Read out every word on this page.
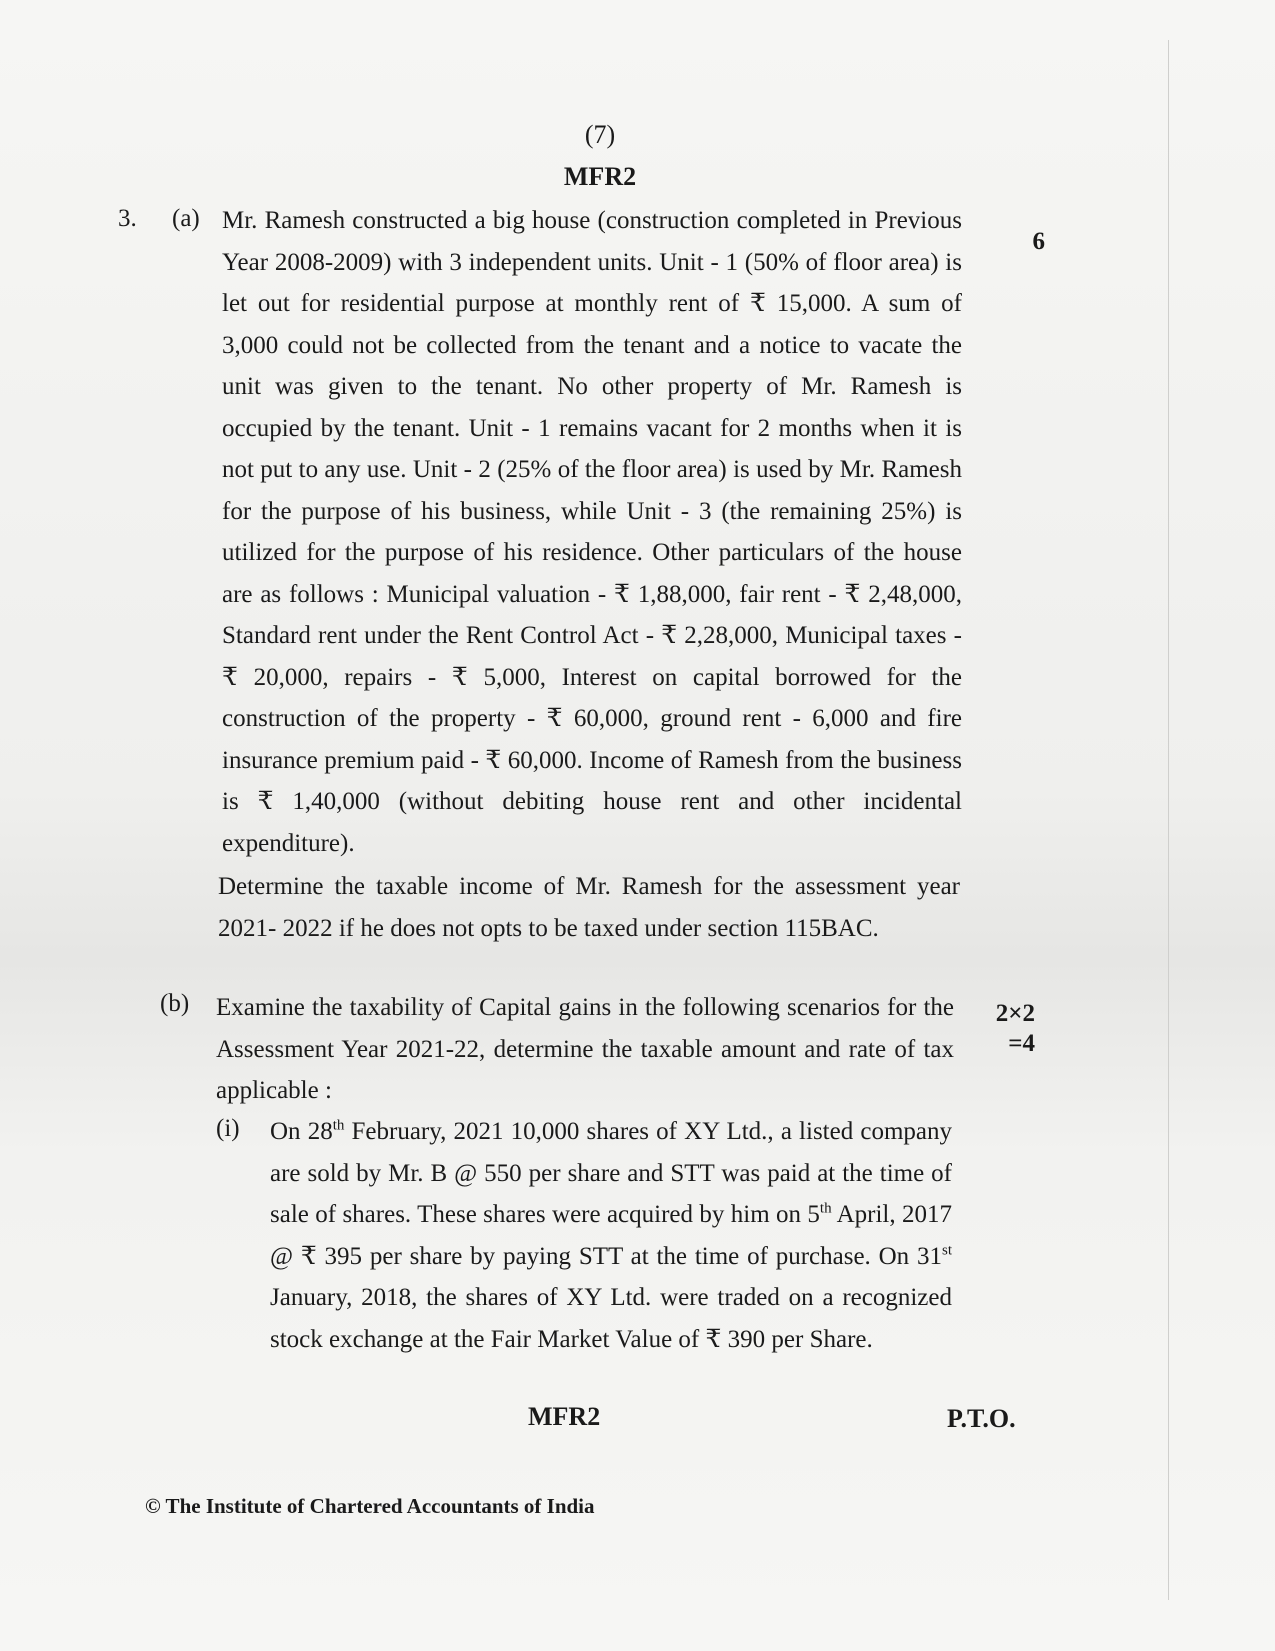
(7)
MFR2
3. (a)
6

Mr. Ramesh constructed a big house (construction completed in Previous Year 2008-2009) with 3 independent units. Unit - 1 (50% of floor area) is let out for residential purpose at monthly rent of ₹ 15,000. A sum of 3,000 could not be collected from the tenant and a notice to vacate the unit was given to the tenant. No other property of Mr. Ramesh is occupied by the tenant. Unit - 1 remains vacant for 2 months when it is not put to any use. Unit - 2 (25% of the floor area) is used by Mr. Ramesh for the purpose of his business, while Unit - 3 (the remaining 25%) is utilized for the purpose of his residence. Other particulars of the house are as follows : Municipal valuation - ₹ 1,88,000, fair rent - ₹ 2,48,000, Standard rent under the Rent Control Act - ₹ 2,28,000, Municipal taxes - ₹ 20,000, repairs - ₹ 5,000, Interest on capital borrowed for the construction of the property - ₹ 60,000, ground rent - 6,000 and fire insurance premium paid - ₹ 60,000. Income of Ramesh from the business is ₹ 1,40,000 (without debiting house rent and other incidental expenditure).

Determine the taxable income of Mr. Ramesh for the assessment year 2021- 2022 if he does not opts to be taxed under section 115BAC.

(b)	2×2
=4

Examine the taxability of Capital gains in the following scenarios for the Assessment Year 2021-22, determine the taxable amount and rate of tax applicable :

(i) On 28th February, 2021 10,000 shares of XY Ltd., a listed company are sold by Mr. B @ 550 per share and STT was paid at the time of sale of shares. These shares were acquired by him on 5th April, 2017 @ ₹ 395 per share by paying STT at the time of purchase. On 31st January, 2018, the shares of XY Ltd. were traded on a recognized stock exchange at the Fair Market Value of ₹ 390 per Share.

MFR2	P.T.O.
© The Institute of Chartered Accountants of India
